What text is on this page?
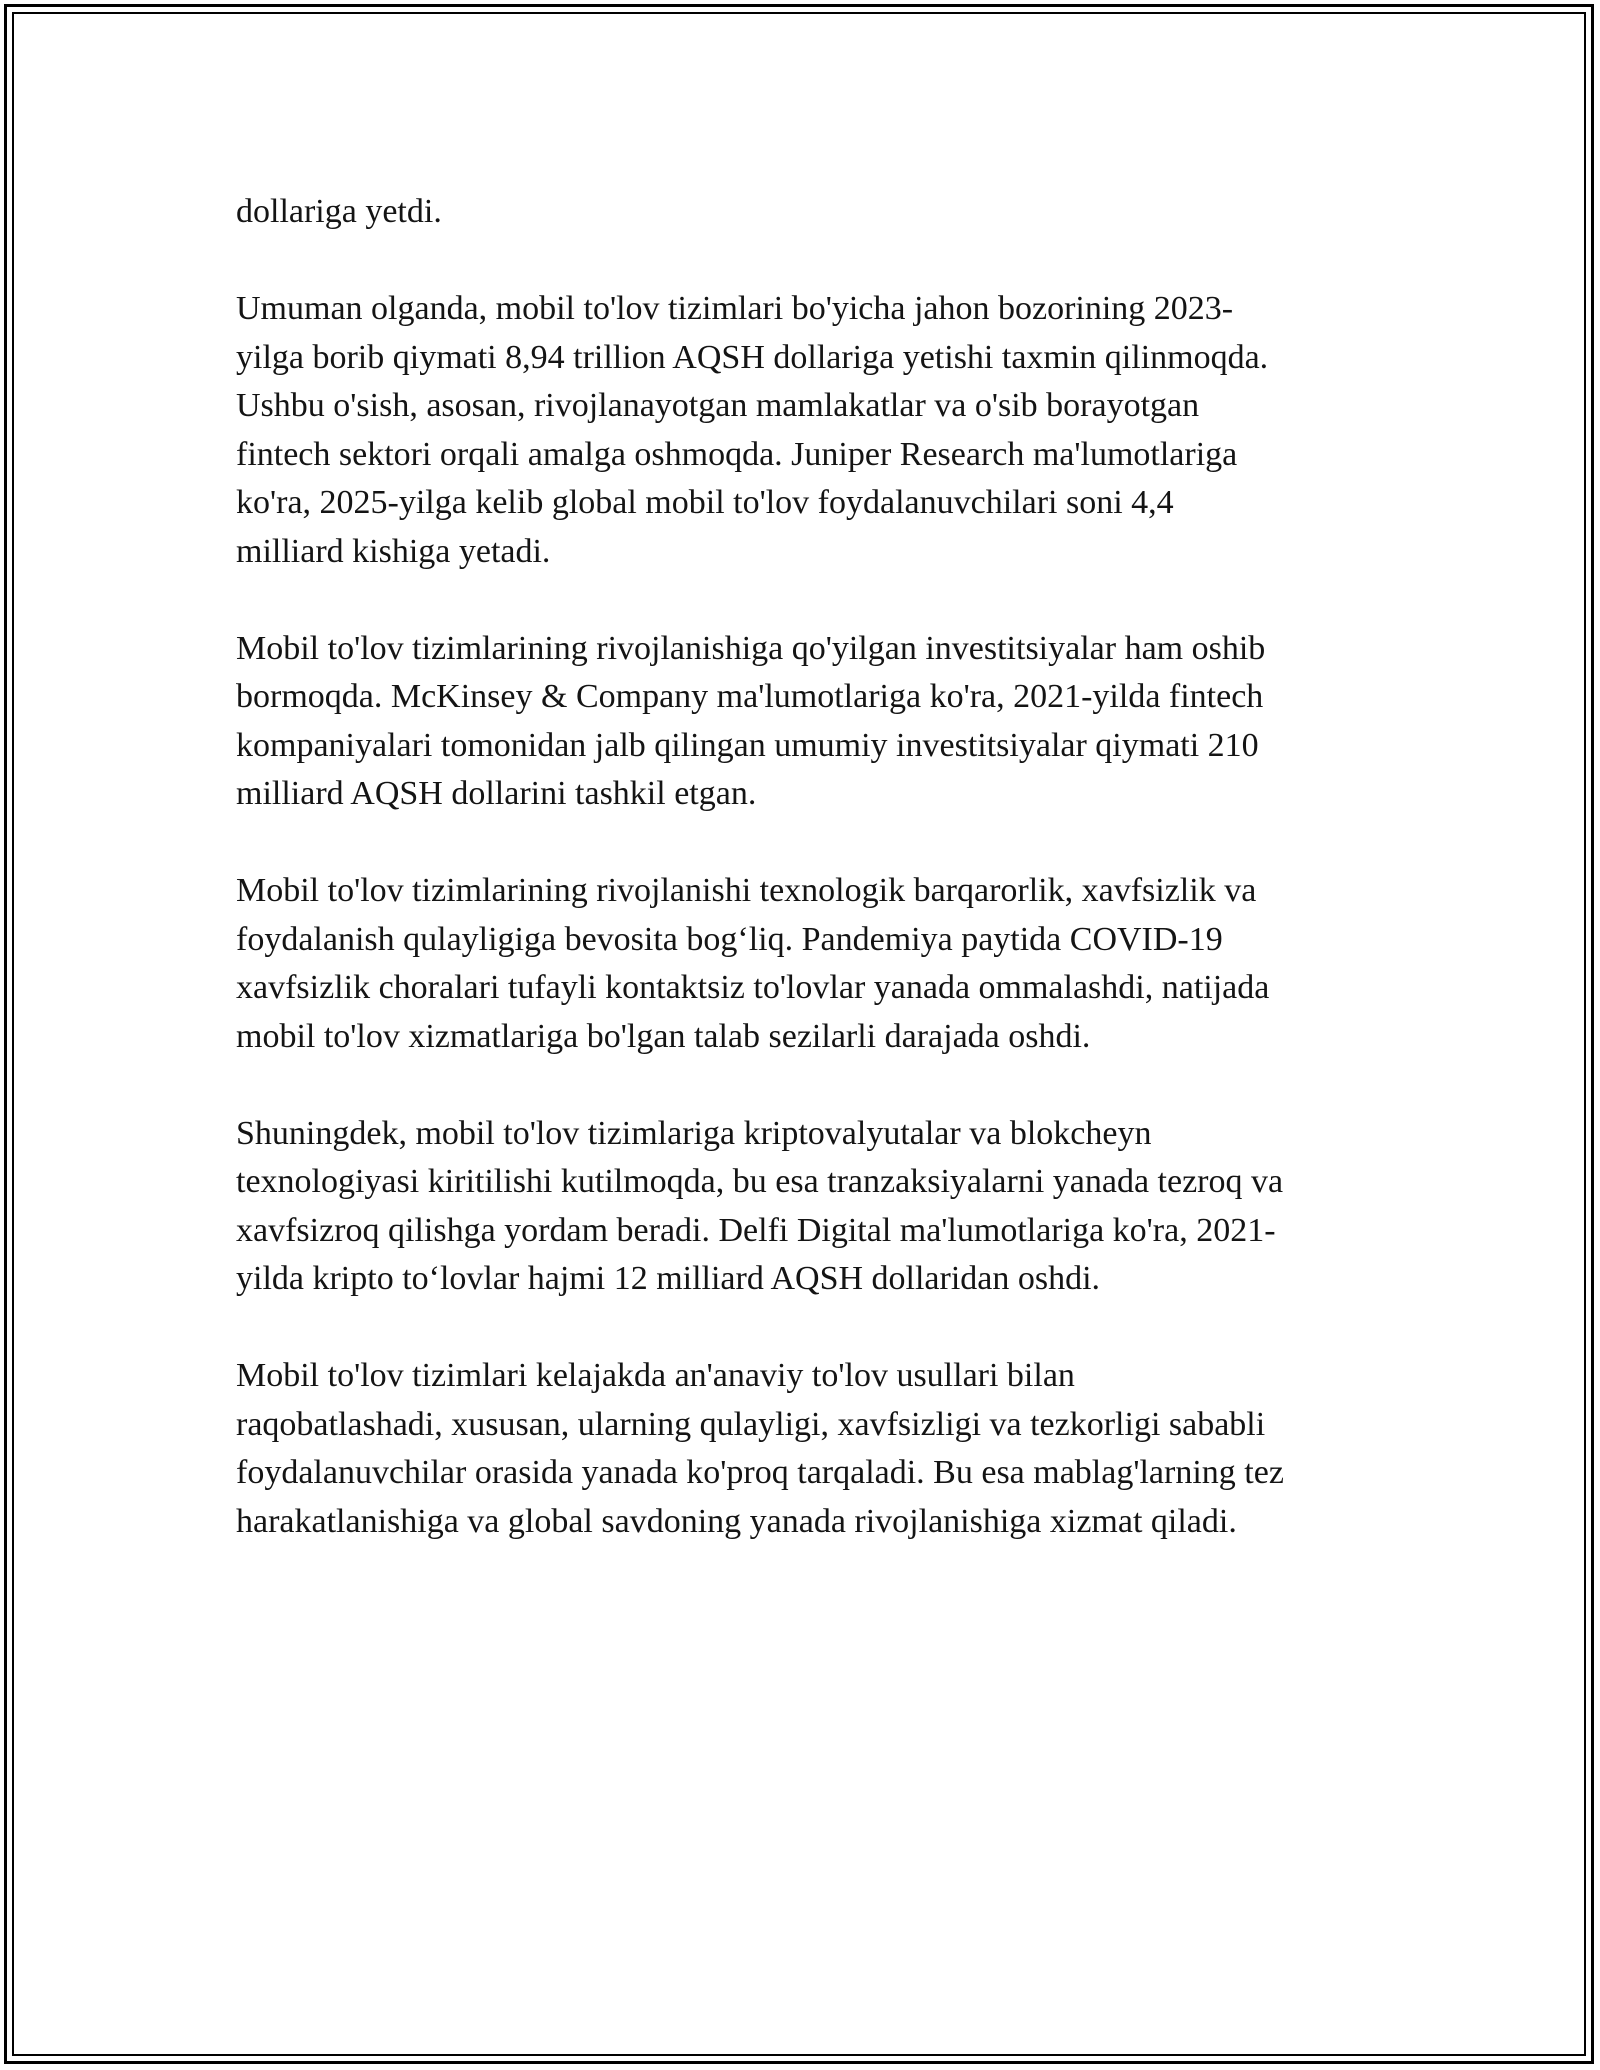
dollariga yetdi.

Umuman olganda, mobil to'lov tizimlari bo'yicha jahon bozorining 2023-
yilga borib qiymati 8,94 trillion AQSH dollariga yetishi taxmin qilinmoqda.
Ushbu o'sish, asosan, rivojlanayotgan mamlakatlar va o'sib borayotgan
fintech sektori orqali amalga oshmoqda. Juniper Research ma'lumotlariga
ko'ra, 2025-yilga kelib global mobil to'lov foydalanuvchilari soni 4,4
milliard kishiga yetadi.

Mobil to'lov tizimlarining rivojlanishiga qo'yilgan investitsiyalar ham oshib
bormoqda. McKinsey & Company ma'lumotlariga ko'ra, 2021-yilda fintech
kompaniyalari tomonidan jalb qilingan umumiy investitsiyalar qiymati 210
milliard AQSH dollarini tashkil etgan.

Mobil to'lov tizimlarining rivojlanishi texnologik barqarorlik, xavfsizlik va
foydalanish qulayligiga bevosita bog‘liq. Pandemiya paytida COVID-19
xavfsizlik choralari tufayli kontaktsiz to'lovlar yanada ommalashdi, natijada
mobil to'lov xizmatlariga bo'lgan talab sezilarli darajada oshdi.

Shuningdek, mobil to'lov tizimlariga kriptovalyutalar va blokcheyn
texnologiyasi kiritilishi kutilmoqda, bu esa tranzaksiyalarni yanada tezroq va
xavfsizroq qilishga yordam beradi. Delfi Digital ma'lumotlariga ko'ra, 2021-
yilda kripto to‘lovlar hajmi 12 milliard AQSH dollaridan oshdi.

Mobil to'lov tizimlari kelajakda an'anaviy to'lov usullari bilan
raqobatlashadi, xususan, ularning qulayligi, xavfsizligi va tezkorligi sababli
foydalanuvchilar orasida yanada ko'proq tarqaladi. Bu esa mablag'larning tez
harakatlanishiga va global savdoning yanada rivojlanishiga xizmat qiladi.
